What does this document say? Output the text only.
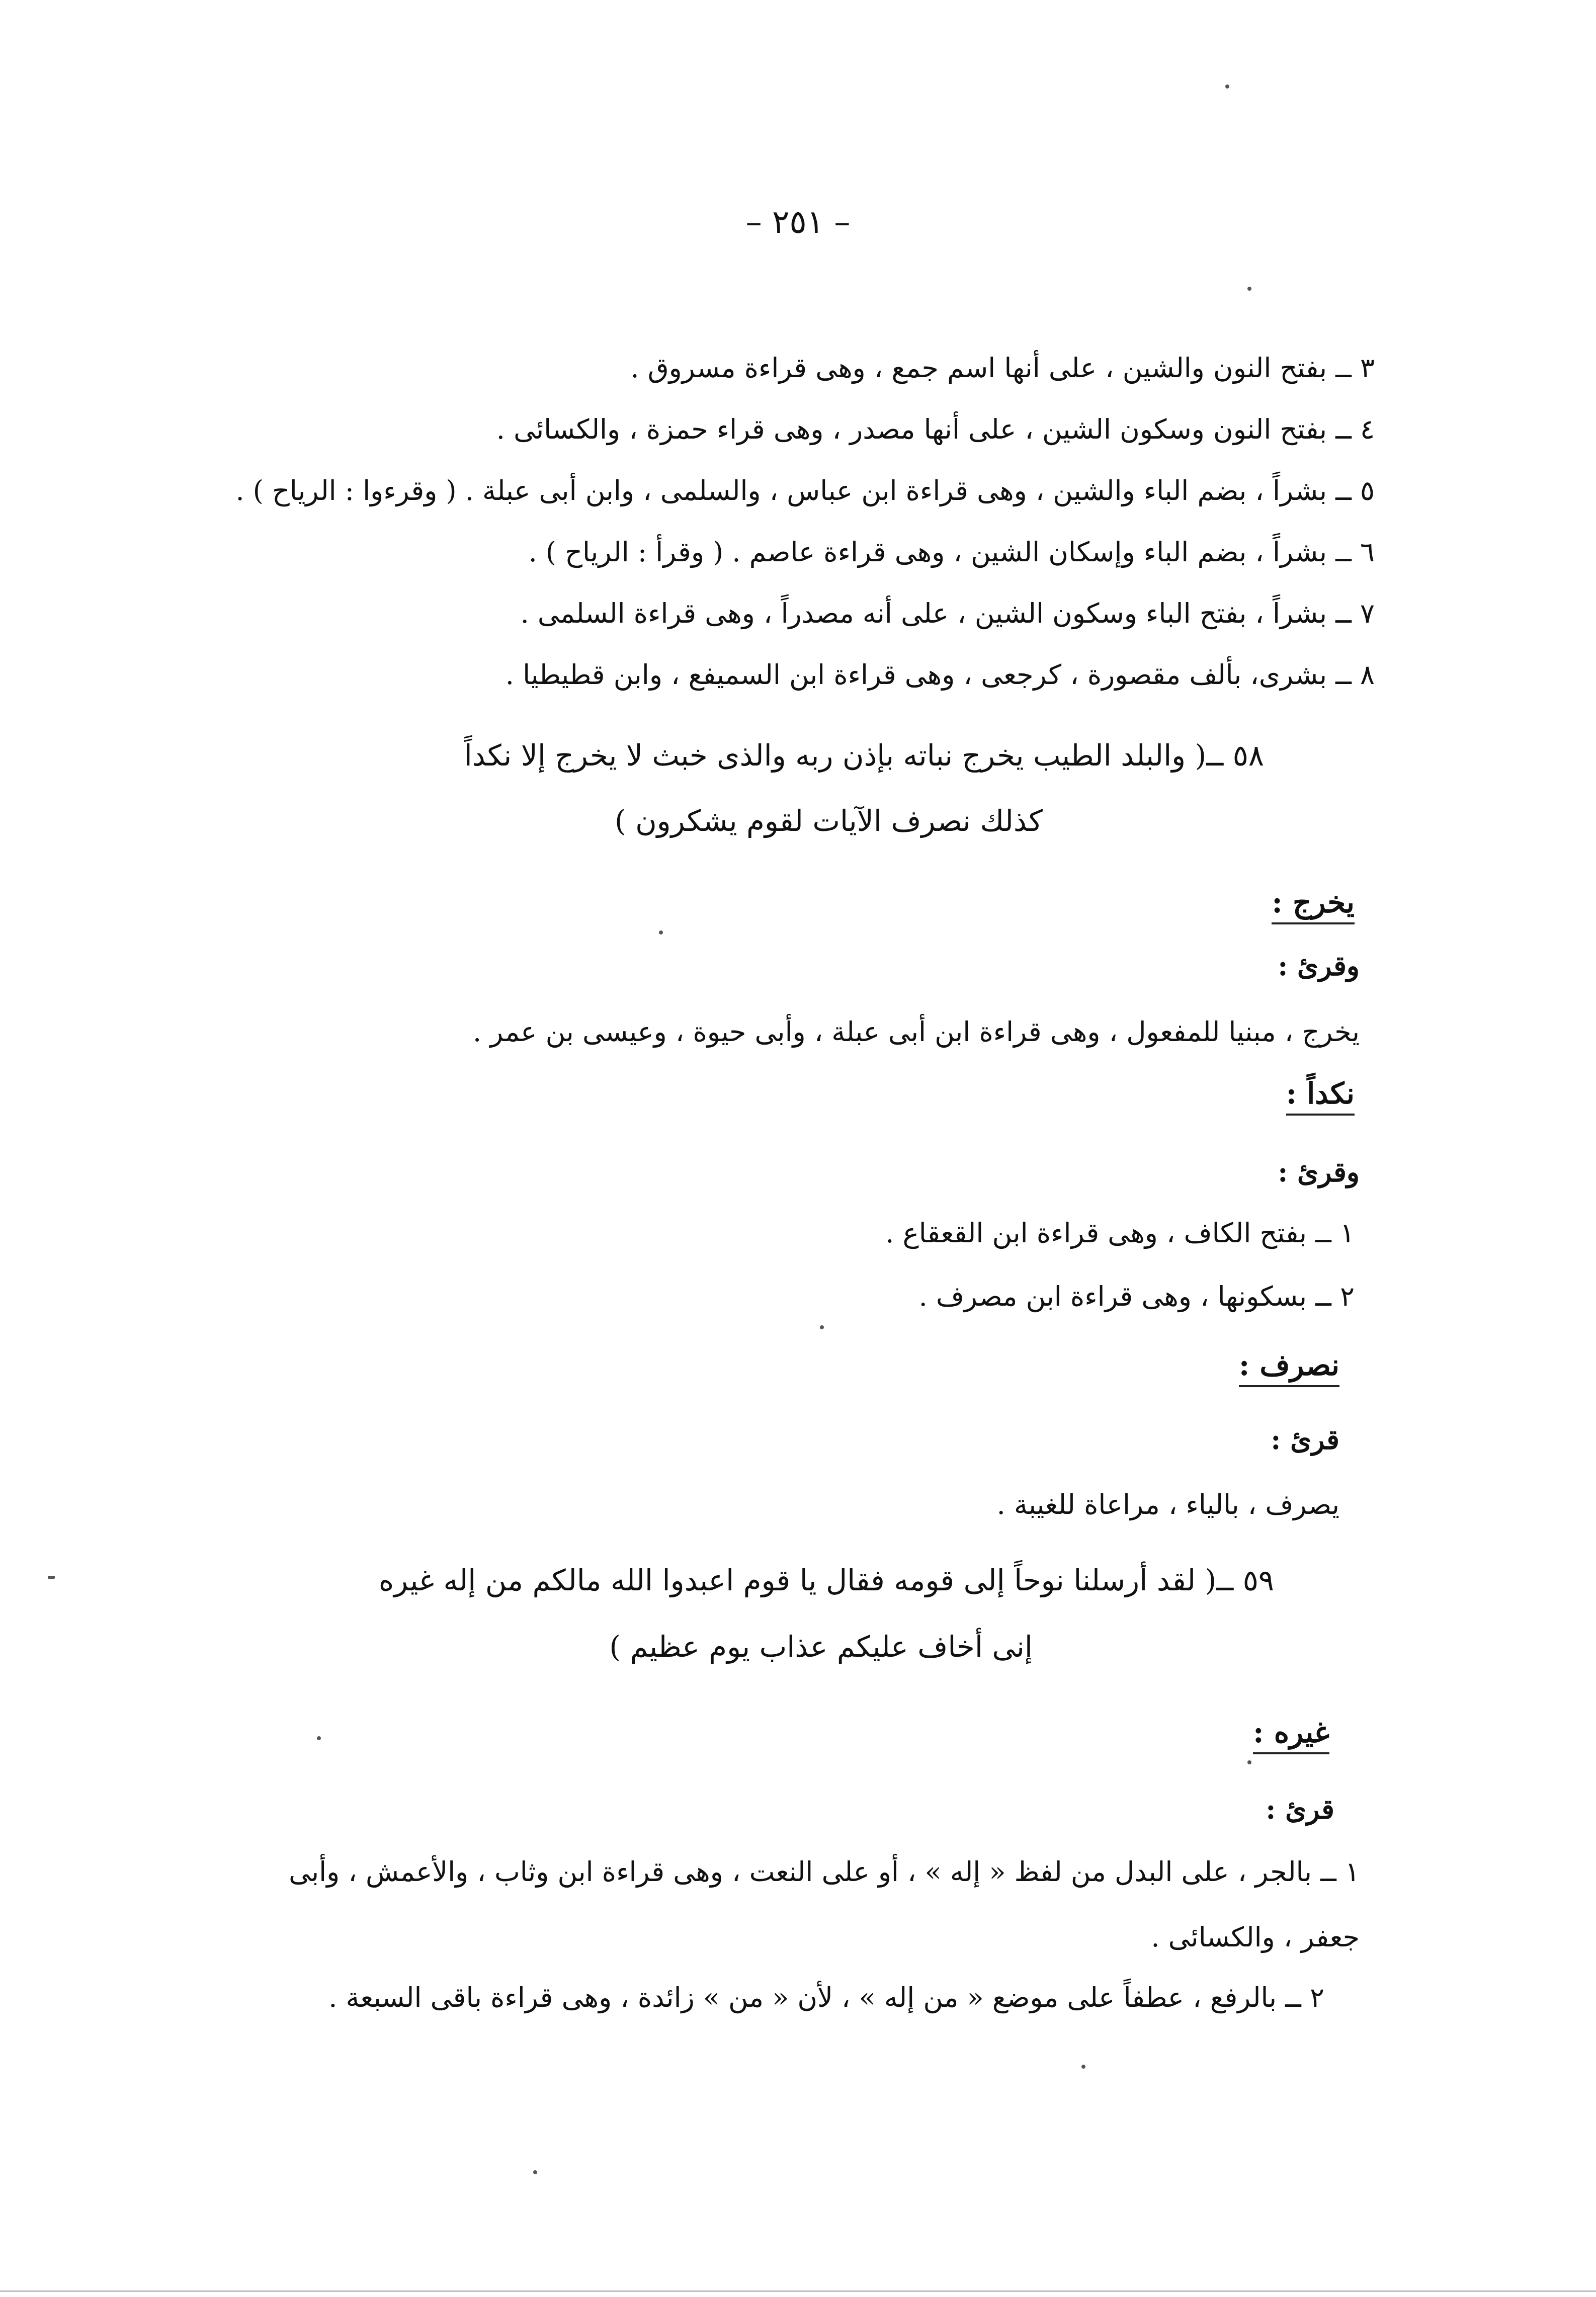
– ٢٥١ –
٣ ــ بفتح النون والشين ، على أنها اسم جمع ، وهى قراءة مسروق .
٤ ــ بفتح النون وسكون الشين ، على أنها مصدر ، وهى قراء حمزة ، والكسائى .
٥ ــ بشراً ، بضم الباء والشين ، وهى قراءة ابن عباس ، والسلمى ، وابن أبى عبلة . ( وقرءوا : الرياح ) .
٦ ــ بشراً ، بضم الباء وإسكان الشين ، وهى قراءة عاصم . ( وقرأ : الرياح ) .
٧ ــ بشراً ، بفتح الباء وسكون الشين ، على أنه مصدراً ، وهى قراءة السلمى .
٨ ــ بشرى، بألف مقصورة ، كرجعى ، وهى قراءة ابن السميفع ، وابن قطيطيا .
٥٨ ــ( والبلد الطيب يخرج نباته بإذن ربه والذى خبث لا يخرج إلا نكداً
كذلك نصرف الآيات لقوم يشكرون )
يخرج :
وقرئ :
يخرج ، مبنيا للمفعول ، وهى قراءة ابن أبى عبلة ، وأبى حيوة ، وعيسى بن عمر .
نكداً :
وقرئ :
١ ــ بفتح الكاف ، وهى قراءة ابن القعقاع .
٢ ــ بسكونها ، وهى قراءة ابن مصرف .
نصرف :
قرئ :
يصرف ، بالياء ، مراعاة للغيبة .
٥٩ ــ( لقد أرسلنا نوحاً إلى قومه فقال يا قوم اعبدوا الله مالكم من إله غيره
إنى أخاف عليكم عذاب يوم عظيم )
غيره :
قرئ :
١ ــ بالجر ، على البدل من لفظ « إله » ، أو على النعت ، وهى قراءة ابن وثاب ، والأعمش ، وأبى
جعفر ، والكسائى .
٢ ــ بالرفع ، عطفاً على موضع « من إله » ، لأن « من » زائدة ، وهى قراءة باقى السبعة .
